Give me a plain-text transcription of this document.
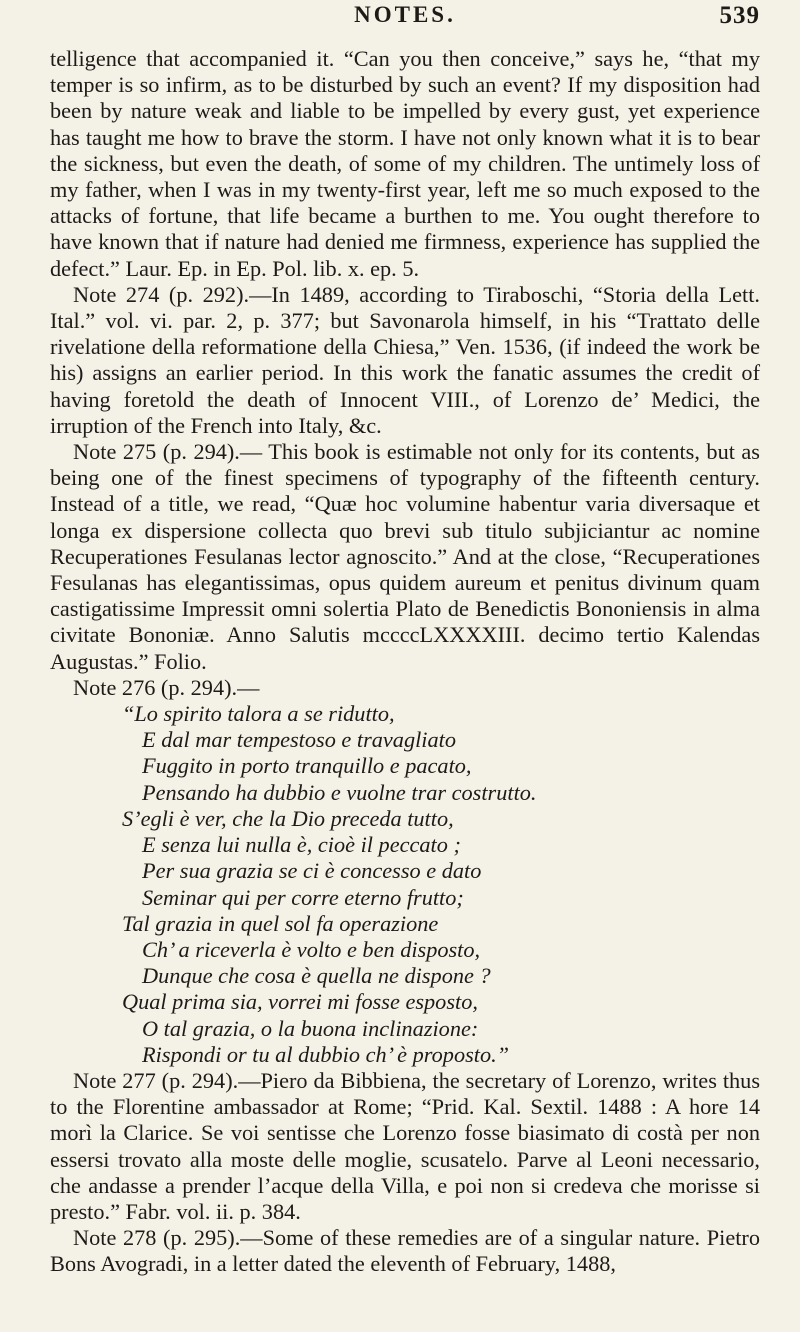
NOTES.	539

telligence that accompanied it. “Can you then conceive,” says he, “that my temper is so infirm, as to be disturbed by such an event? If my disposition had been by nature weak and liable to be impelled by every gust, yet experience has taught me how to brave the storm. I have not only known what it is to bear the sickness, but even the death, of some of my children. The untimely loss of my father, when I was in my twenty-first year, left me so much exposed to the attacks of fortune, that life became a burthen to me. You ought therefore to have known that if nature had denied me firmness, experience has supplied the defect.” Laur. Ep. in Ep. Pol. lib. x. ep. 5.

Note 274 (p. 292).—In 1489, according to Tiraboschi, “Storia della Lett. Ital.” vol. vi. par. 2, p. 377; but Savonarola himself, in his “Trattato delle rivelatione della reformatione della Chiesa,” Ven. 1536, (if indeed the work be his) assigns an earlier period. In this work the fanatic assumes the credit of having foretold the death of Innocent VIII., of Lorenzo de’ Medici, the irruption of the French into Italy, &c.

Note 275 (p. 294).— This book is estimable not only for its contents, but as being one of the finest specimens of typography of the fifteenth century. Instead of a title, we read, “Quæ hoc volumine habentur varia diversaque et longa ex dispersione collecta quo brevi sub titulo subjiciantur ac nomine Recuperationes Fesulanas lector agnoscito.” And at the close, “Recuperationes Fesulanas has elegantissimas, opus quidem aureum et penitus divinum quam castigatissime Impressit omni solertia Plato de Benedictis Bononiensis in alma civitate Bononiæ. Anno Salutis mccccLXXXXIII. decimo tertio Kalendas Augustas.” Folio.

Note 276 (p. 294).—

“Lo spirito talora a se ridutto,
E dal mar tempestoso e travagliato
Fuggito in porto tranquillo e pacato,
Pensando ha dubbio e vuolne trar costrutto.
S’egli è ver, che la Dio preceda tutto,
E senza lui nulla è, cioè il peccato ;
Per sua grazia se ci è concesso e dato
Seminar qui per corre eterno frutto;
Tal grazia in quel sol fa operazione
Ch’ a riceverla è volto e ben disposto,
Dunque che cosa è quella ne dispone ?
Qual prima sia, vorrei mi fosse esposto,
O tal grazia, o la buona inclinazione:
Rispondi or tu al dubbio ch’ è proposto.”

Note 277 (p. 294).—Piero da Bibbiena, the secretary of Lorenzo, writes thus to the Florentine ambassador at Rome; “Prid. Kal. Sextil. 1488 : A hore 14 morì la Clarice. Se voi sentisse che Lorenzo fosse biasimato di costà per non essersi trovato alla moste delle moglie, scusatelo. Parve al Leoni necessario, che andasse a prender l’acque della Villa, e poi non si credeva che morisse si presto.” Fabr. vol. ii. p. 384.

Note 278 (p. 295).—Some of these remedies are of a singular nature. Pietro Bons Avogradi, in a letter dated the eleventh of February, 1488,
